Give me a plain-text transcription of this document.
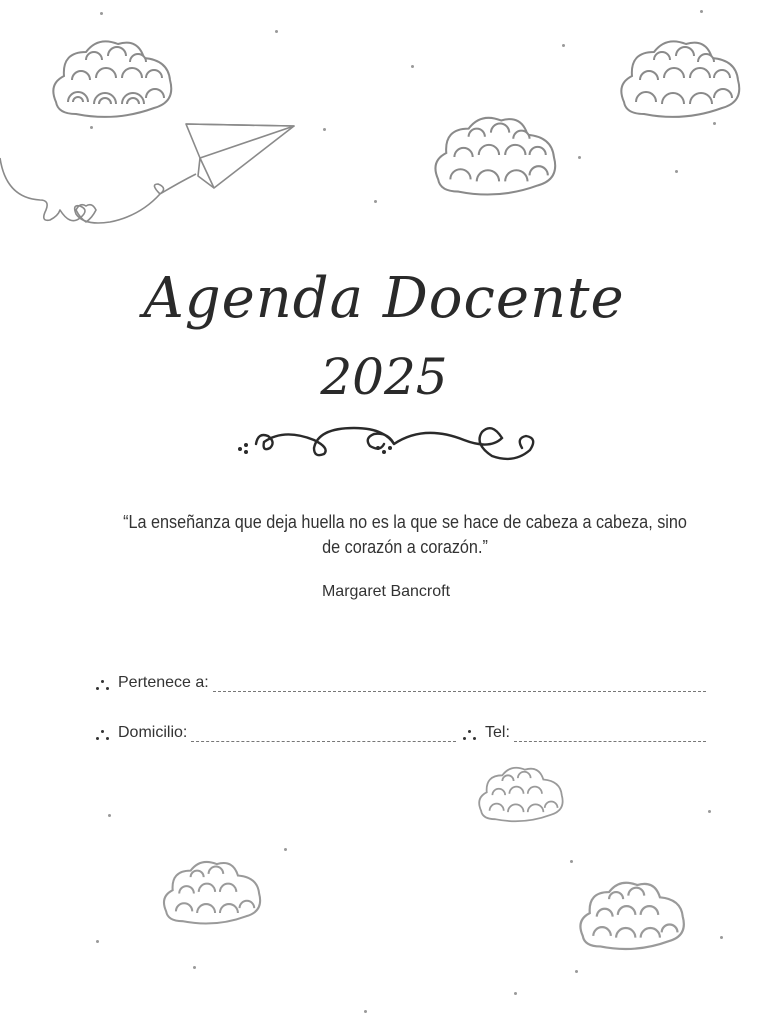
Agenda Docente
2025
“La enseñanza que deja huella no es la que se hace de cabeza a cabeza, sino de corazón a corazón.”
Margaret Bancroft
Pertenece a:
Domicilio:	Tel:
